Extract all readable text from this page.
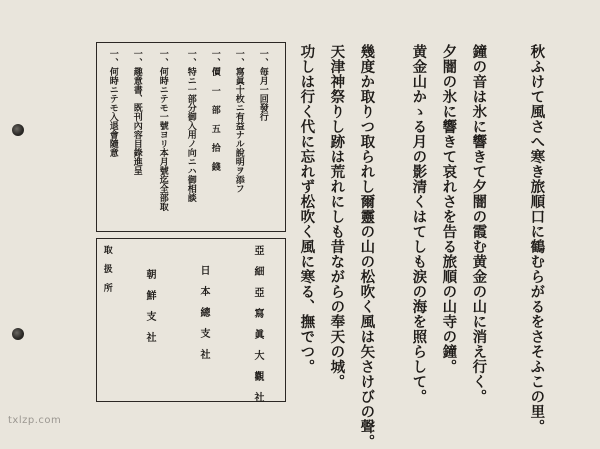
秋ふけて風さへ寒き旅順口に鶴むらがるをさそふこの里。
鐘の音は氷に響きて夕闇の霞む黄金の山に消え行く。
夕闇の氷に響きて哀れさを告る旅順の山寺の鐘。
黄金山かゝる月の影清くはてしも涙の海を照らして。
幾度か取りつ取られし爾靈の山の松吹く風は矢さけびの聲。
天津神祭りし跡は荒れにしも昔ながらの奉天の城。
功しは行く代に忘れず松吹く風に寒る、撫でつ。
一、毎月一回發行
一、寫眞十枚ニ有益ナル說明ヲ添フ
一、價 一 部 五 拾 錢
一、特ニ一部分御入用ノ向ニハ御相談
一、何時ニテモ一號ヨリ本月號迄全部取
一、趣意書、既刊內容目錄進呈
一、何時ニテモ入退會隨意
亞 細 亞 寫 眞 大 觀 社
日 本 總 支 社
朝 鮮 支 社
取 扱 所
txlzp.com
